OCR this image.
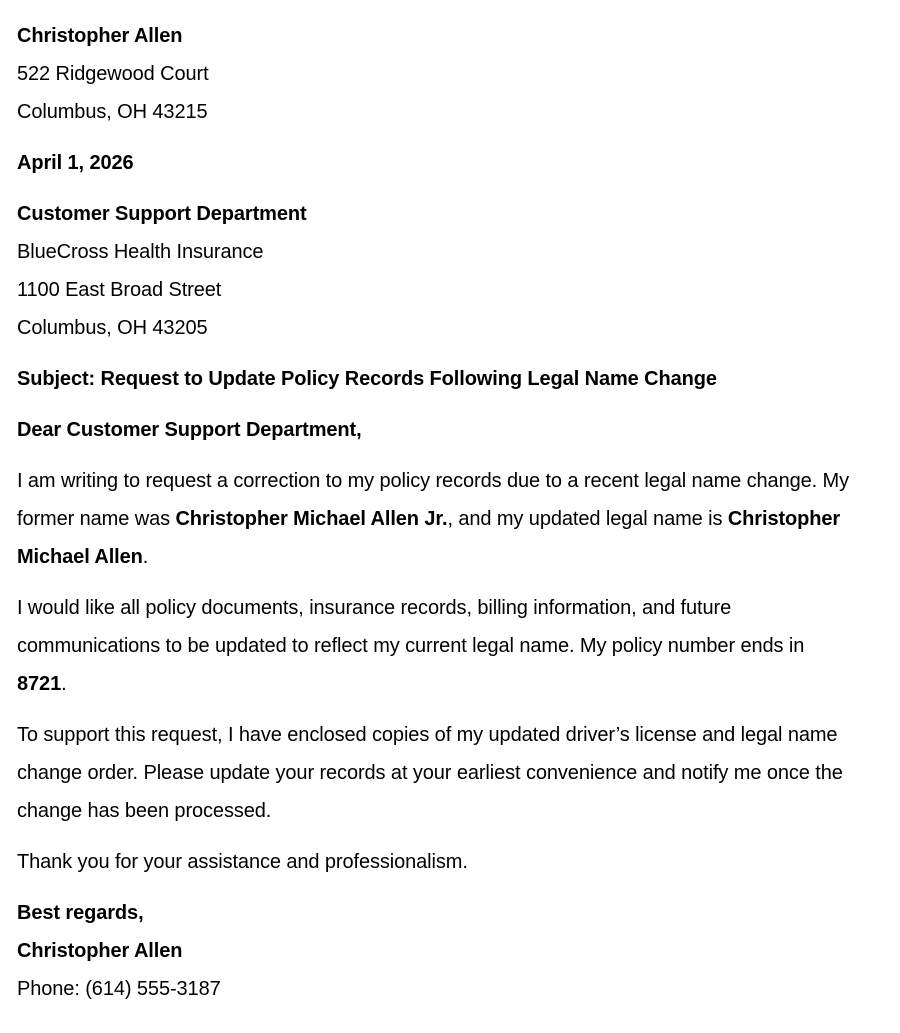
Christopher Allen
522 Ridgewood Court
Columbus, OH 43215
April 1, 2026
Customer Support Department
BlueCross Health Insurance
1100 East Broad Street
Columbus, OH 43205
Subject: Request to Update Policy Records Following Legal Name Change
Dear Customer Support Department,

I am writing to request a correction to my policy records due to a recent legal name change. My former name was Christopher Michael Allen Jr., and my updated legal name is Christopher Michael Allen.

I would like all policy documents, insurance records, billing information, and future communications to be updated to reflect my current legal name. My policy number ends in 8721.

To support this request, I have enclosed copies of my updated driver’s license and legal name change order. Please update your records at your earliest convenience and notify me once the change has been processed.

Thank you for your assistance and professionalism.

Best regards,
Christopher Allen
Phone: (614) 555-3187
